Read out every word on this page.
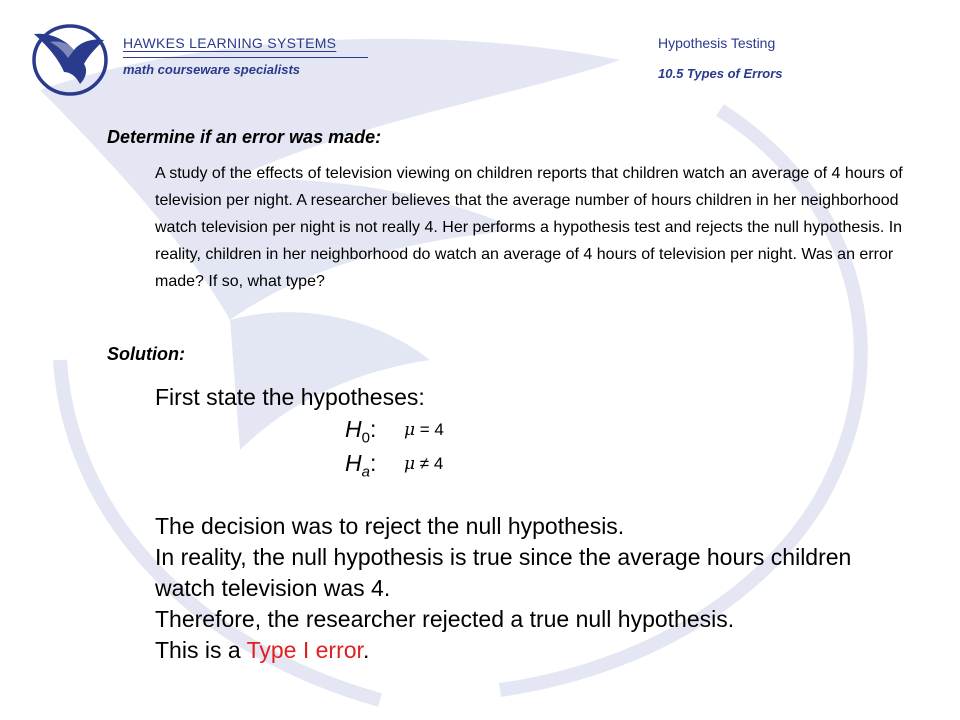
HAWKES LEARNING SYSTEMS
math courseware specialists
Hypothesis Testing
10.5 Types of Errors
Determine if an error was made:
A study of the effects of television viewing on children reports that children watch an average of 4 hours of television per night. A researcher believes that the average number of hours children in her neighborhood watch television per night is not really 4. Her performs a hypothesis test and rejects the null hypothesis. In reality, children in her neighborhood do watch an average of 4 hours of television per night. Was an error made? If so, what type?
Solution:
First state the hypotheses:
$H_0$: μ = 4
$H_a$: μ ≠ 4
The decision was to reject the null hypothesis.
In reality, the null hypothesis is true since the average hours children watch television was 4.
Therefore, the researcher rejected a true null hypothesis.
This is a Type I error.
